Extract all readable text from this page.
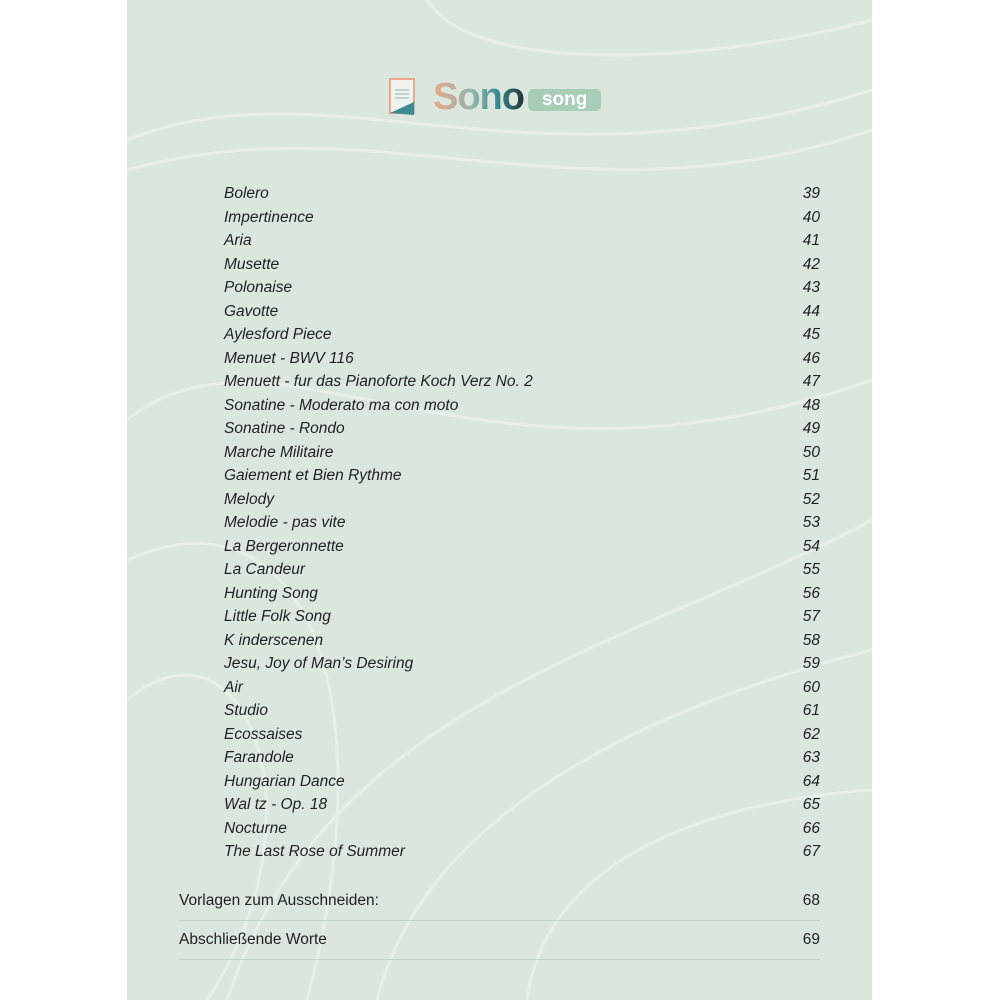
Sono song
Bolero	39
Impertinence	40
Aria	41
Musette	42
Polonaise	43
Gavotte	44
Aylesford Piece	45
Menuet - BWV 116	46
Menuett - fur das Pianoforte Koch Verz No. 2	47
Sonatine - Moderato ma con moto	48
Sonatine - Rondo	49
Marche Militaire	50
Gaiement et Bien Rythme	51
Melody	52
Melodie - pas vite	53
La Bergeronnette	54
La Candeur	55
Hunting Song	56
Little Folk Song	57
K inderscenen	58
Jesu, Joy of Man’s Desiring	59
Air	60
Studio	61
Ecossaises	62
Farandole	63
Hungarian Dance	64
Wal tz - Op. 18	65
Nocturne	66
The Last Rose of Summer	67
Vorlagen zum Ausschneiden:	68
Abschließende Worte	69
